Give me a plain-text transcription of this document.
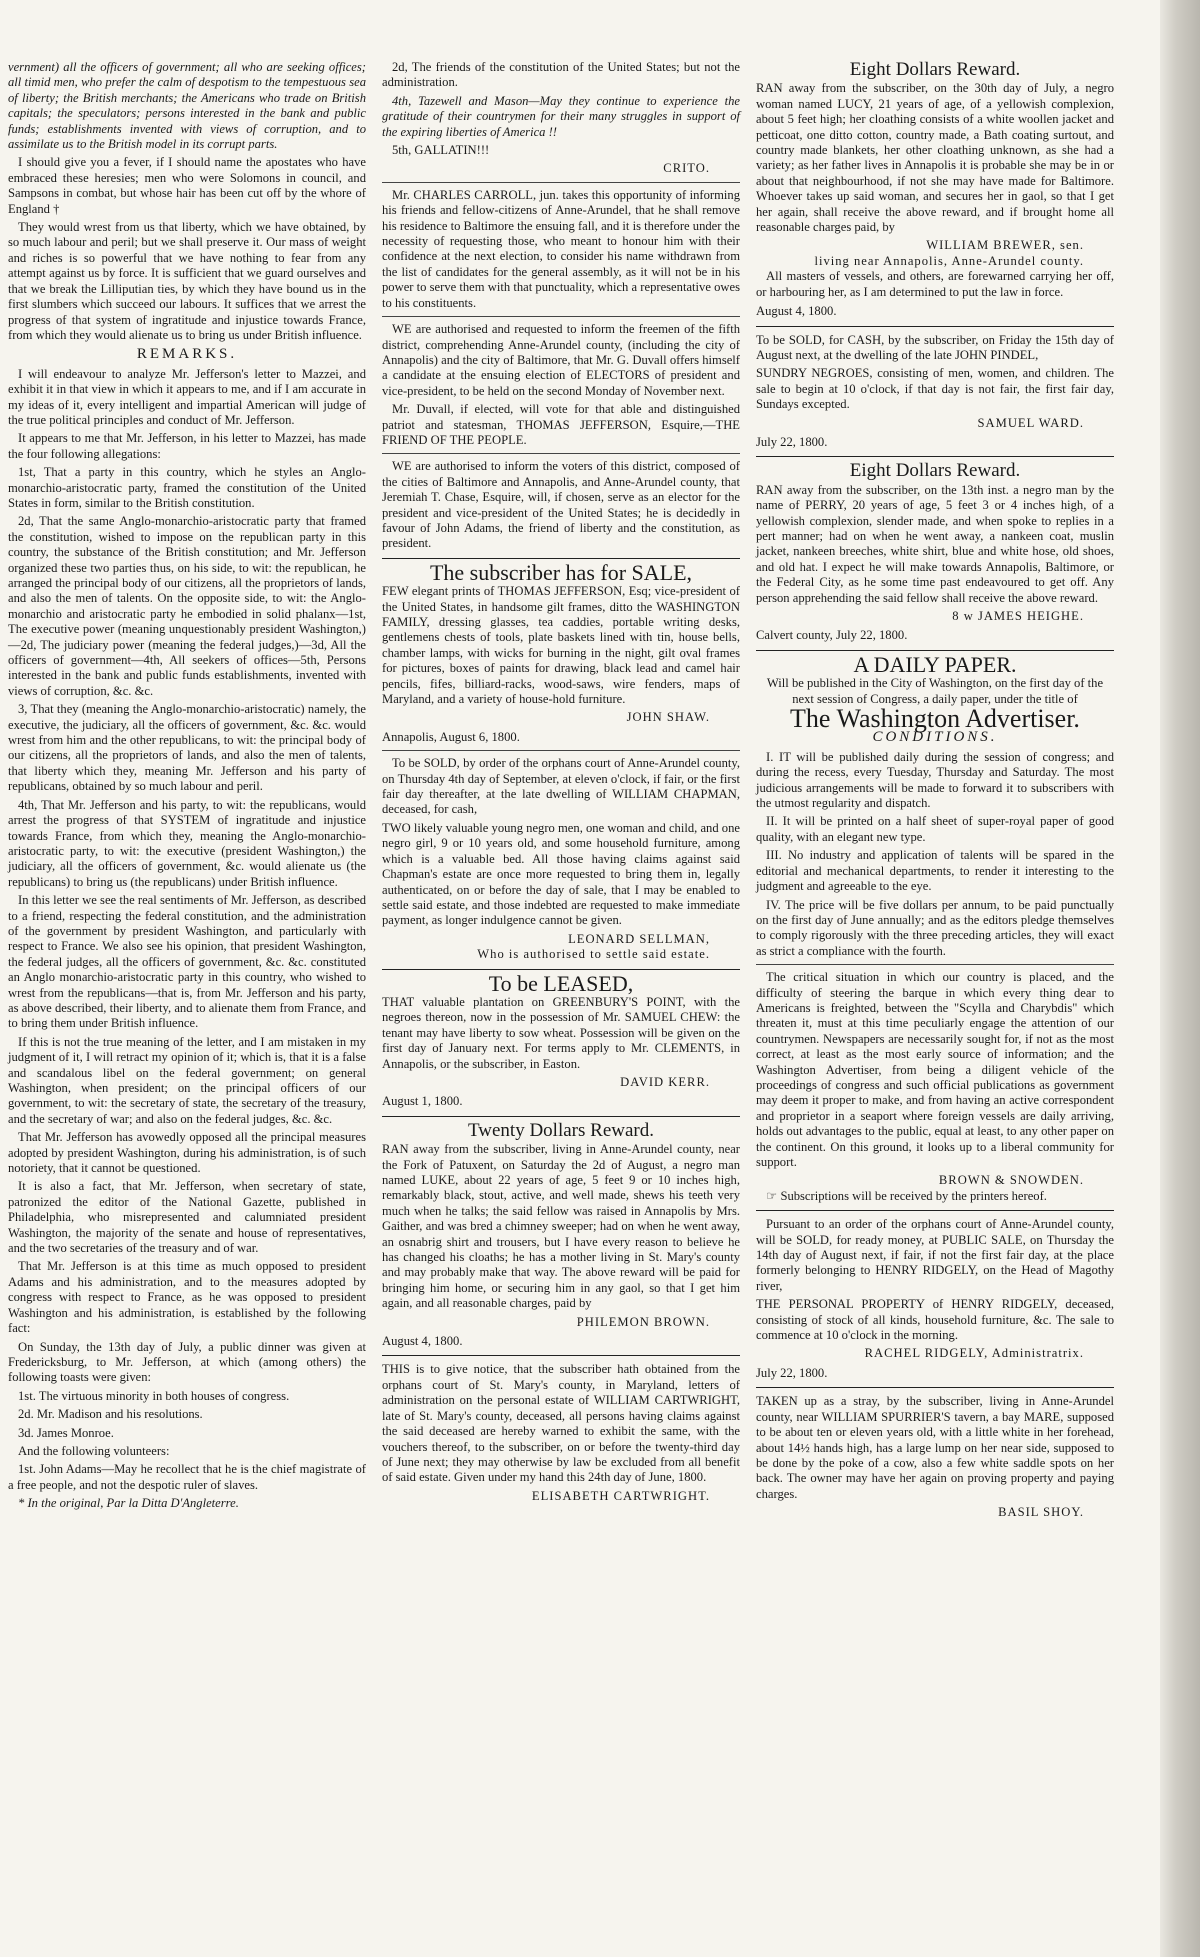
vernment) all the officers of government; all who are seeking offices; all timid men, who prefer the calm of despotism to the tempestuous sea of liberty; the British merchants; the Americans who trade on British capitals; the speculators; persons interested in the bank and public funds; establishments invented with views of corruption, and to assimilate us to the British model in its corrupt parts.

I should give you a fever, if I should name the apostates who have embraced these heresies; men who were Solomons in council, and Sampsons in combat, but whose hair has been cut off by the whore of England †

They would wrest from us that liberty, which we have obtained, by so much labour and peril; but we shall preserve it. Our mass of weight and riches is so powerful that we have nothing to fear from any attempt against us by force. It is sufficient that we guard ourselves and that we break the Lilliputian ties, by which they have bound us in the first slumbers which succeed our labours. It suffices that we arrest the progress of that system of ingratitude and injustice towards France, from which they would alienate us to bring us under British influence.

REMARKS.

I will endeavour to analyze Mr. Jefferson's letter to Mazzei, and exhibit it in that view in which it appears to me, and if I am accurate in my ideas of it, every intelligent and impartial American will judge of the true political principles and conduct of Mr. Jefferson.

It appears to me that Mr. Jefferson, in his letter to Mazzei, has made the four following allegations:

1st, That a party in this country, which he styles an Anglo-monarchio-aristocratic party, framed the constitution of the United States in form, similar to the British constitution.

2d, That the same Anglo-monarchio-aristocratic party that framed the constitution, wished to impose on the republican party in this country, the substance of the British constitution; and Mr. Jefferson organized these two parties thus, on his side, to wit: the republican, he arranged the principal body of our citizens, all the proprietors of lands, and also the men of talents. On the opposite side, to wit: the Anglo-monarchio and aristocratic party he embodied in solid phalanx—1st, The executive power (meaning unquestionably president Washington,)—2d, The judiciary power (meaning the federal judges,)—3d, All the officers of government—4th, All seekers of offices—5th, Persons interested in the bank and public funds establishments, invented with views of corruption, &c. &c.

3, That they (meaning the Anglo-monarchio-aristocratic) namely, the executive, the judiciary, all the officers of government, &c. &c. would wrest from him and the other republicans, to wit: the principal body of our citizens, all the proprietors of lands, and also the men of talents, that liberty which they, meaning Mr. Jefferson and his party of republicans, obtained by so much labour and peril.

4th, That Mr. Jefferson and his party, to wit: the republicans, would arrest the progress of that SYSTEM of ingratitude and injustice towards France, from which they, meaning the Anglo-monarchio-aristocratic party, to wit: the executive (president Washington,) the judiciary, all the officers of government, &c. would alienate us (the republicans) to bring us (the republicans) under British influence.

In this letter we see the real sentiments of Mr. Jefferson, as described to a friend, respecting the federal constitution, and the administration of the government by president Washington, and particularly with respect to France. We also see his opinion, that president Washington, the federal judges, all the officers of government, &c. &c. constituted an Anglo monarchio-aristocratic party in this country, who wished to wrest from the republicans—that is, from Mr. Jefferson and his party, as above described, their liberty, and to alienate them from France, and to bring them under British influence.

If this is not the true meaning of the letter, and I am mistaken in my judgment of it, I will retract my opinion of it; which is, that it is a false and scandalous libel on the federal government; on general Washington, when president; on the principal officers of our government, to wit: the secretary of state, the secretary of the treasury, and the secretary of war; and also on the federal judges, &c. &c.

That Mr. Jefferson has avowedly opposed all the principal measures adopted by president Washington, during his administration, is of such notoriety, that it cannot be questioned.

It is also a fact, that Mr. Jefferson, when secretary of state, patronized the editor of the National Gazette, published in Philadelphia, who misrepresented and calumniated president Washington, the majority of the senate and house of representatives, and the two secretaries of the treasury and of war.

That Mr. Jefferson is at this time as much opposed to president Adams and his administration, and to the measures adopted by congress with respect to France, as he was opposed to president Washington and his administration, is established by the following fact:

On Sunday, the 13th day of July, a public dinner was given at Fredericksburg, to Mr. Jefferson, at which (among others) the following toasts were given:

1st. The virtuous minority in both houses of congress.

2d. Mr. Madison and his resolutions.

3d. James Monroe.

And the following volunteers:

1st. John Adams—May he recollect that he is the chief magistrate of a free people, and not the despotic ruler of slaves.

* In the original, Par la Ditta D'Angleterre.

2d, The friends of the constitution of the United States; but not the administration.

4th, Tazewell and Mason—May they continue to experience the gratitude of their countrymen for their many struggles in support of the expiring liberties of America !!

5th, GALLATIN!!!

CRITO.

Mr. CHARLES CARROLL, jun. takes this opportunity of informing his friends and fellow-citizens of Anne-Arundel, that he shall remove his residence to Baltimore the ensuing fall, and it is therefore under the necessity of requesting those, who meant to honour him with their confidence at the next election, to consider his name withdrawn from the list of candidates for the general assembly, as it will not be in his power to serve them with that punctuality, which a representative owes to his constituents.

WE are authorised and requested to inform the freemen of the fifth district, comprehending Anne-Arundel county, (including the city of Annapolis) and the city of Baltimore, that Mr. G. Duvall offers himself a candidate at the ensuing election of ELECTORS of president and vice-president, to be held on the second Monday of November next.

Mr. Duvall, if elected, will vote for that able and distinguished patriot and statesman, THOMAS JEFFERSON, Esquire,—THE FRIEND OF THE PEOPLE.

WE are authorised to inform the voters of this district, composed of the cities of Baltimore and Annapolis, and Anne-Arundel county, that Jeremiah T. Chase, Esquire, will, if chosen, serve as an elector for the president and vice-president of the United States; he is decidedly in favour of John Adams, the friend of liberty and the constitution, as president.

The subscriber has for SALE,

FEW elegant prints of THOMAS JEFFERSON, Esq; vice-president of the United States, in handsome gilt frames, ditto the WASHINGTON FAMILY, dressing glasses, tea caddies, portable writing desks, gentlemens chests of tools, plate baskets lined with tin, house bells, chamber lamps, with wicks for burning in the night, gilt oval frames for pictures, boxes of paints for drawing, black lead and camel hair pencils, fifes, billiard-racks, wood-saws, wire fenders, maps of Maryland, and a variety of house-hold furniture.

JOHN SHAW.
Annapolis, August 6, 1800.

To be SOLD, by order of the orphans court of Anne-Arundel county, on Thursday 4th day of September, at eleven o'clock, if fair, or the first fair day thereafter, at the late dwelling of WILLIAM CHAPMAN, deceased, for cash,

TWO likely valuable young negro men, one woman and child, and one negro girl, 9 or 10 years old, and some household furniture, among which is a valuable bed. All those having claims against said Chapman's estate are once more requested to bring them in, legally authenticated, on or before the day of sale, that I may be enabled to settle said estate, and those indebted are requested to make immediate payment, as longer indulgence cannot be given.

LEONARD SELLMAN,
Who is authorised to settle said estate.
To be LEASED,

THAT valuable plantation on GREENBURY'S POINT, with the negroes thereon, now in the possession of Mr. SAMUEL CHEW: the tenant may have liberty to sow wheat. Possession will be given on the first day of January next. For terms apply to Mr. CLEMENTS, in Annapolis, or the subscriber, in Easton.

DAVID KERR.
August 1, 1800.
Twenty Dollars Reward.

RAN away from the subscriber, living in Anne-Arundel county, near the Fork of Patuxent, on Saturday the 2d of August, a negro man named LUKE, about 22 years of age, 5 feet 9 or 10 inches high, remarkably black, stout, active, and well made, shews his teeth very much when he talks; the said fellow was raised in Annapolis by Mrs. Gaither, and was bred a chimney sweeper; had on when he went away, an osnabrig shirt and trousers, but I have every reason to believe he has changed his cloaths; he has a mother living in St. Mary's county and may probably make that way. The above reward will be paid for bringing him home, or securing him in any gaol, so that I get him again, and all reasonable charges, paid by

PHILEMON BROWN.
August 4, 1800.

THIS is to give notice, that the subscriber hath obtained from the orphans court of St. Mary's county, in Maryland, letters of administration on the personal estate of WILLIAM CARTWRIGHT, late of St. Mary's county, deceased, all persons having claims against the said deceased are hereby warned to exhibit the same, with the vouchers thereof, to the subscriber, on or before the twenty-third day of June next; they may otherwise by law be excluded from all benefit of said estate. Given under my hand this 24th day of June, 1800.

ELISABETH CARTWRIGHT.
Eight Dollars Reward.

RAN away from the subscriber, on the 30th day of July, a negro woman named LUCY, 21 years of age, of a yellowish complexion, about 5 feet high; her cloathing consists of a white woollen jacket and petticoat, one ditto cotton, country made, a Bath coating surtout, and country made blankets, her other cloathing unknown, as she had a variety; as her father lives in Annapolis it is probable she may be in or about that neighbourhood, if not she may have made for Baltimore. Whoever takes up said woman, and secures her in gaol, so that I get her again, shall receive the above reward, and if brought home all reasonable charges paid, by

WILLIAM BREWER, sen.
living near Annapolis, Anne-Arundel county.

All masters of vessels, and others, are forewarned carrying her off, or harbouring her, as I am determined to put the law in force.

August 4, 1800.

To be SOLD, for CASH, by the subscriber, on Friday the 15th day of August next, at the dwelling of the late JOHN PINDEL,

SUNDRY NEGROES, consisting of men, women, and children. The sale to begin at 10 o'clock, if that day is not fair, the first fair day, Sundays excepted.

SAMUEL WARD.
July 22, 1800.
Eight Dollars Reward.

RAN away from the subscriber, on the 13th inst. a negro man by the name of PERRY, 20 years of age, 5 feet 3 or 4 inches high, of a yellowish complexion, slender made, and when spoke to replies in a pert manner; had on when he went away, a nankeen coat, muslin jacket, nankeen breeches, white shirt, blue and white hose, old shoes, and old hat. I expect he will make towards Annapolis, Baltimore, or the Federal City, as he some time past endeavoured to get off. Any person apprehending the said fellow shall receive the above reward.

8 w JAMES HEIGHE.
Calvert county, July 22, 1800.
A DAILY PAPER.

Will be published in the City of Washington, on the first day of the next session of Congress, a daily paper, under the title of

The Washington Advertiser.
CONDITIONS.

I. IT will be published daily during the session of congress; and during the recess, every Tuesday, Thursday and Saturday. The most judicious arrangements will be made to forward it to subscribers with the utmost regularity and dispatch.

II. It will be printed on a half sheet of super-royal paper of good quality, with an elegant new type.

III. No industry and application of talents will be spared in the editorial and mechanical departments, to render it interesting to the judgment and agreeable to the eye.

IV. The price will be five dollars per annum, to be paid punctually on the first day of June annually; and as the editors pledge themselves to comply rigorously with the three preceding articles, they will exact as strict a compliance with the fourth.

The critical situation in which our country is placed, and the difficulty of steering the barque in which every thing dear to Americans is freighted, between the "Scylla and Charybdis" which threaten it, must at this time peculiarly engage the attention of our countrymen. Newspapers are necessarily sought for, if not as the most correct, at least as the most early source of information; and the Washington Advertiser, from being a diligent vehicle of the proceedings of congress and such official publications as government may deem it proper to make, and from having an active correspondent and proprietor in a seaport where foreign vessels are daily arriving, holds out advantages to the public, equal at least, to any other paper on the continent. On this ground, it looks up to a liberal community for support.

BROWN & SNOWDEN.

☞ Subscriptions will be received by the printers hereof.

Pursuant to an order of the orphans court of Anne-Arundel county, will be SOLD, for ready money, at PUBLIC SALE, on Thursday the 14th day of August next, if fair, if not the first fair day, at the place formerly belonging to HENRY RIDGELY, on the Head of Magothy river,

THE PERSONAL PROPERTY of HENRY RIDGELY, deceased, consisting of stock of all kinds, household furniture, &c. The sale to commence at 10 o'clock in the morning.

RACHEL RIDGELY, Administratrix.
July 22, 1800.

TAKEN up as a stray, by the subscriber, living in Anne-Arundel county, near WILLIAM SPURRIER'S tavern, a bay MARE, supposed to be about ten or eleven years old, with a little white in her forehead, about 14½ hands high, has a large lump on her near side, supposed to be done by the poke of a cow, also a few white saddle spots on her back. The owner may have her again on proving property and paying charges.

BASIL SHOY.
